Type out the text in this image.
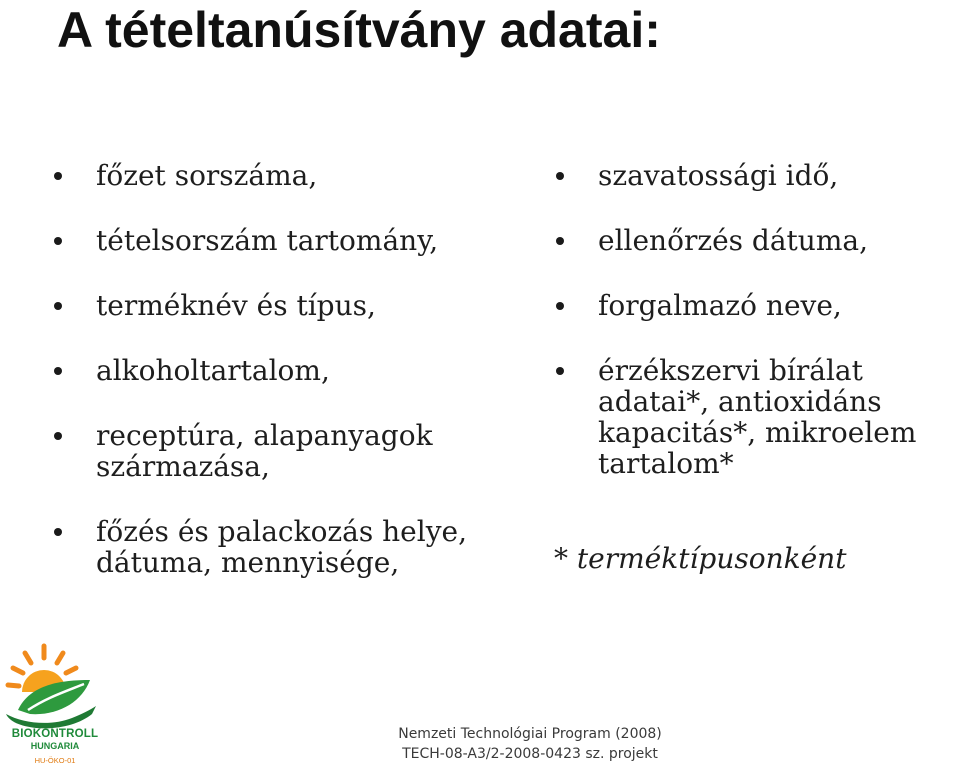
A tételtanúsítvány adatai:
főzet sorszáma,
tételsorszám tartomány,
terméknév és típus,
alkoholtartalom,
receptúra, alapanyagok
származása,
főzés és palackozás helye,
dátuma, mennyisége,
szavatossági idő,
ellenőrzés dátuma,
forgalmazó neve,
érzékszervi bírálat
adatai*, antioxidáns
kapacitás*, mikroelem
tartalom*
* terméktípusonként
BIOKONTROLL
HUNGARIA
HU-ÖKO-01
Nemzeti Technológiai Program (2008)
TECH-08-A3/2-2008-0423 sz. projekt
